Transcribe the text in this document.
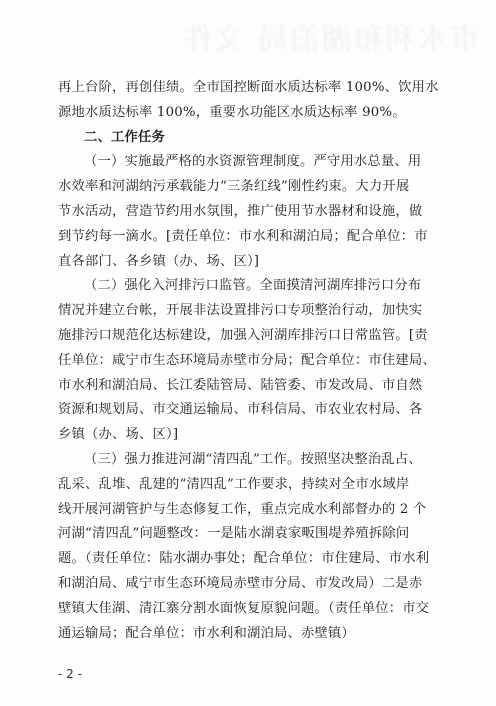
市水利和湖泊局 文件
再上台阶，再创佳绩。全市国控断面水质达标率 100%、饮用水
源地水质达标率 100%，重要水功能区水质达标率 90%。
二、工作任务
（一）实施最严格的水资源管理制度。严守用水总量、用
水效率和河湖纳污承载能力“三条红线”刚性约束。大力开展
节水活动，营造节约用水氛围，推广使用节水器材和设施，做
到节约每一滴水。[责任单位：市水利和湖泊局；配合单位：市
直各部门、各乡镇（办、场、区）]
（二）强化入河排污口监管。全面摸清河湖库排污口分布
情况并建立台帐，开展非法设置排污口专项整治行动，加快实
施排污口规范化达标建设，加强入河湖库排污口日常监管。[责
任单位：咸宁市生态环境局赤壁市分局；配合单位：市住建局、
市水利和湖泊局、长江委陆管局、陆管委、市发改局、市自然
资源和规划局、市交通运输局、市科信局、市农业农村局、各
乡镇（办、场、区）]
（三）强力推进河湖“清四乱”工作。按照坚决整治乱占、
乱采、乱堆、乱建的“清四乱”工作要求，持续对全市水域岸
线开展河湖管护与生态修复工作，重点完成水利部督办的 2 个
河湖“清四乱”问题整改：一是陆水湖袁家畈围堤养殖拆除问
题。（责任单位：陆水湖办事处；配合单位：市住建局、市水利
和湖泊局、咸宁市生态环境局赤壁市分局、市发改局）二是赤
壁镇大佳湖、清江寨分割水面恢复原貌问题。（责任单位：市交
通运输局；配合单位：市水利和湖泊局、赤壁镇）
- 2 -
